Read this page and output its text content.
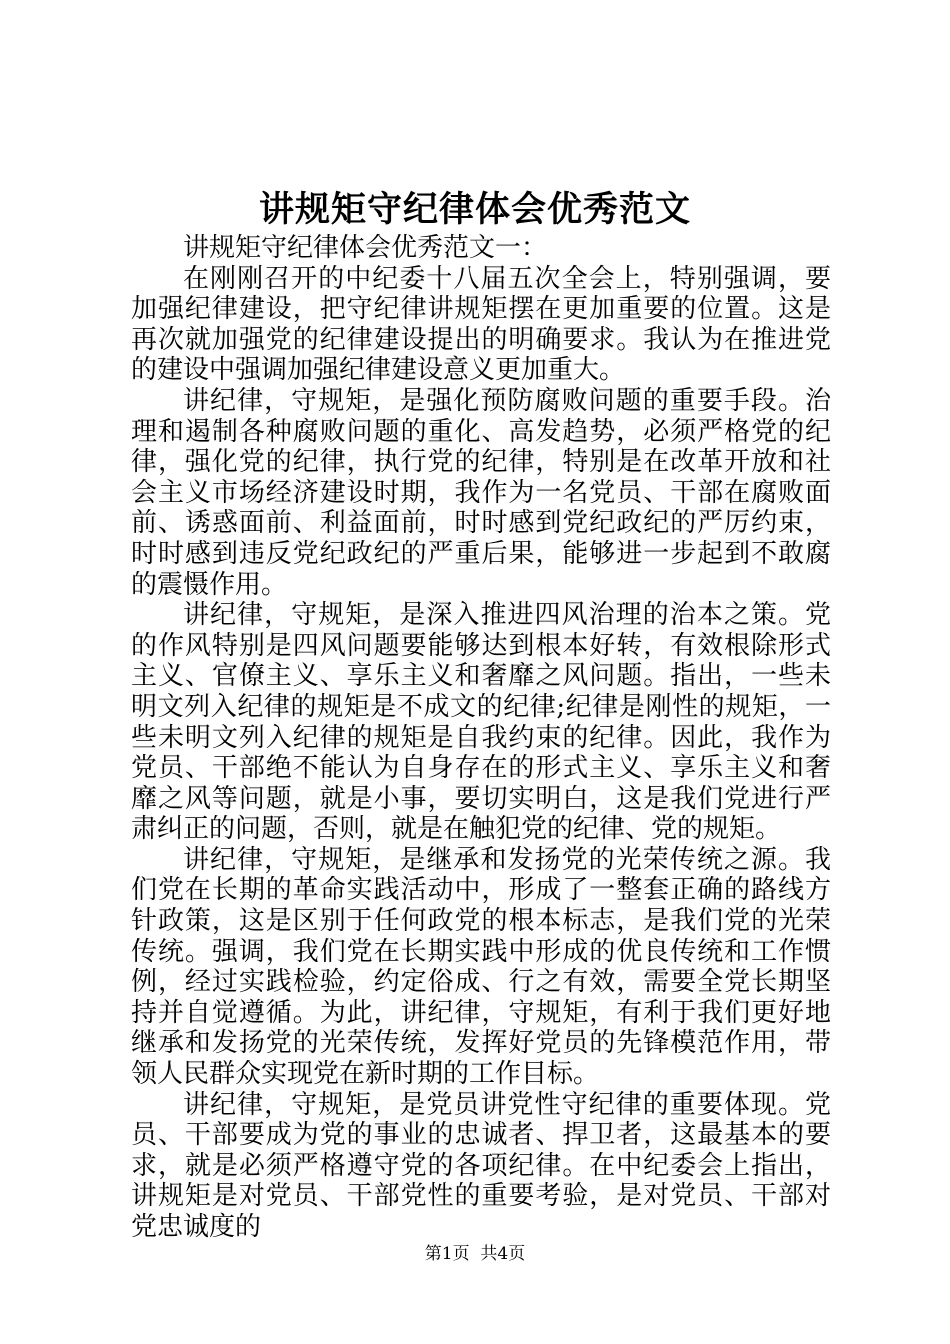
讲规矩守纪律体会优秀范文

讲规矩守纪律体会优秀范文一：

在刚刚召开的中纪委十八届五次全会上，特别强调，要加强纪律建设，把守纪律讲规矩摆在更加重要的位置。这是再次就加强党的纪律建设提出的明确要求。我认为在推进党的建设中强调加强纪律建设意义更加重大。

讲纪律，守规矩，是强化预防腐败问题的重要手段。治理和遏制各种腐败问题的重化、高发趋势，必须严格党的纪律，强化党的纪律，执行党的纪律，特别是在改革开放和社会主义市场经济建设时期，我作为一名党员、干部在腐败面前、诱惑面前、利益面前，时时感到党纪政纪的严厉约束，时时感到违反党纪政纪的严重后果，能够进一步起到不敢腐的震慑作用。

讲纪律，守规矩，是深入推进四风治理的治本之策。党的作风特别是四风问题要能够达到根本好转，有效根除形式主义、官僚主义、享乐主义和奢靡之风问题。指出，一些未明文列入纪律的规矩是不成文的纪律;纪律是刚性的规矩，一些未明文列入纪律的规矩是自我约束的纪律。因此，我作为党员、干部绝不能认为自身存在的形式主义、享乐主义和奢靡之风等问题，就是小事，要切实明白，这是我们党进行严肃纠正的问题，否则，就是在触犯党的纪律、党的规矩。

讲纪律，守规矩，是继承和发扬党的光荣传统之源。我们党在长期的革命实践活动中，形成了一整套正确的路线方针政策，这是区别于任何政党的根本标志，是我们党的光荣传统。强调，我们党在长期实践中形成的优良传统和工作惯例，经过实践检验，约定俗成、行之有效，需要全党长期坚持并自觉遵循。为此，讲纪律，守规矩，有利于我们更好地继承和发扬党的光荣传统，发挥好党员的先锋模范作用，带领人民群众实现党在新时期的工作目标。

讲纪律，守规矩，是党员讲党性守纪律的重要体现。党员、干部要成为党的事业的忠诚者、捍卫者，这最基本的要求，就是必须严格遵守党的各项纪律。在中纪委会上指出，讲规矩是对党员、干部党性的重要考验，是对党员、干部对党忠诚度的

第1页  共4页
